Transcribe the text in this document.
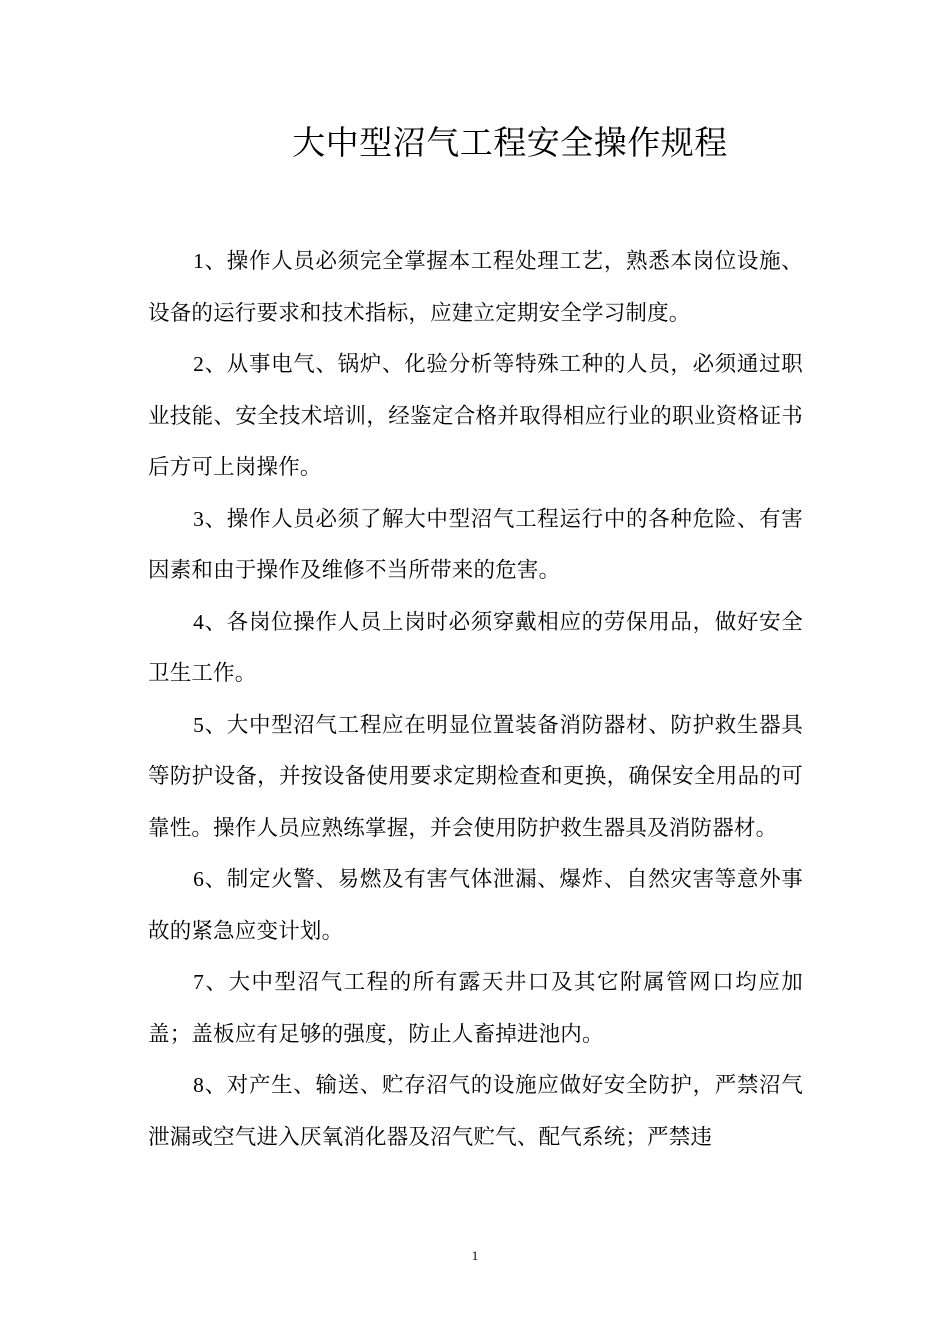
大中型沼气工程安全操作规程

1、操作人员必须完全掌握本工程处理工艺，熟悉本岗位设施、设备的运行要求和技术指标，应建立定期安全学习制度。

2、从事电气、锅炉、化验分析等特殊工种的人员，必须通过职业技能、安全技术培训，经鉴定合格并取得相应行业的职业资格证书后方可上岗操作。

3、操作人员必须了解大中型沼气工程运行中的各种危险、有害因素和由于操作及维修不当所带来的危害。

4、各岗位操作人员上岗时必须穿戴相应的劳保用品，做好安全卫生工作。

5、大中型沼气工程应在明显位置装备消防器材、防护救生器具等防护设备，并按设备使用要求定期检查和更换，确保安全用品的可靠性。操作人员应熟练掌握，并会使用防护救生器具及消防器材。

6、制定火警、易燃及有害气体泄漏、爆炸、自然灾害等意外事故的紧急应变计划。

7、大中型沼气工程的所有露天井口及其它附属管网口均应加盖；盖板应有足够的强度，防止人畜掉进池内。

8、对产生、输送、贮存沼气的设施应做好安全防护，严禁沼气泄漏或空气进入厌氧消化器及沼气贮气、配气系统；严禁违

1
